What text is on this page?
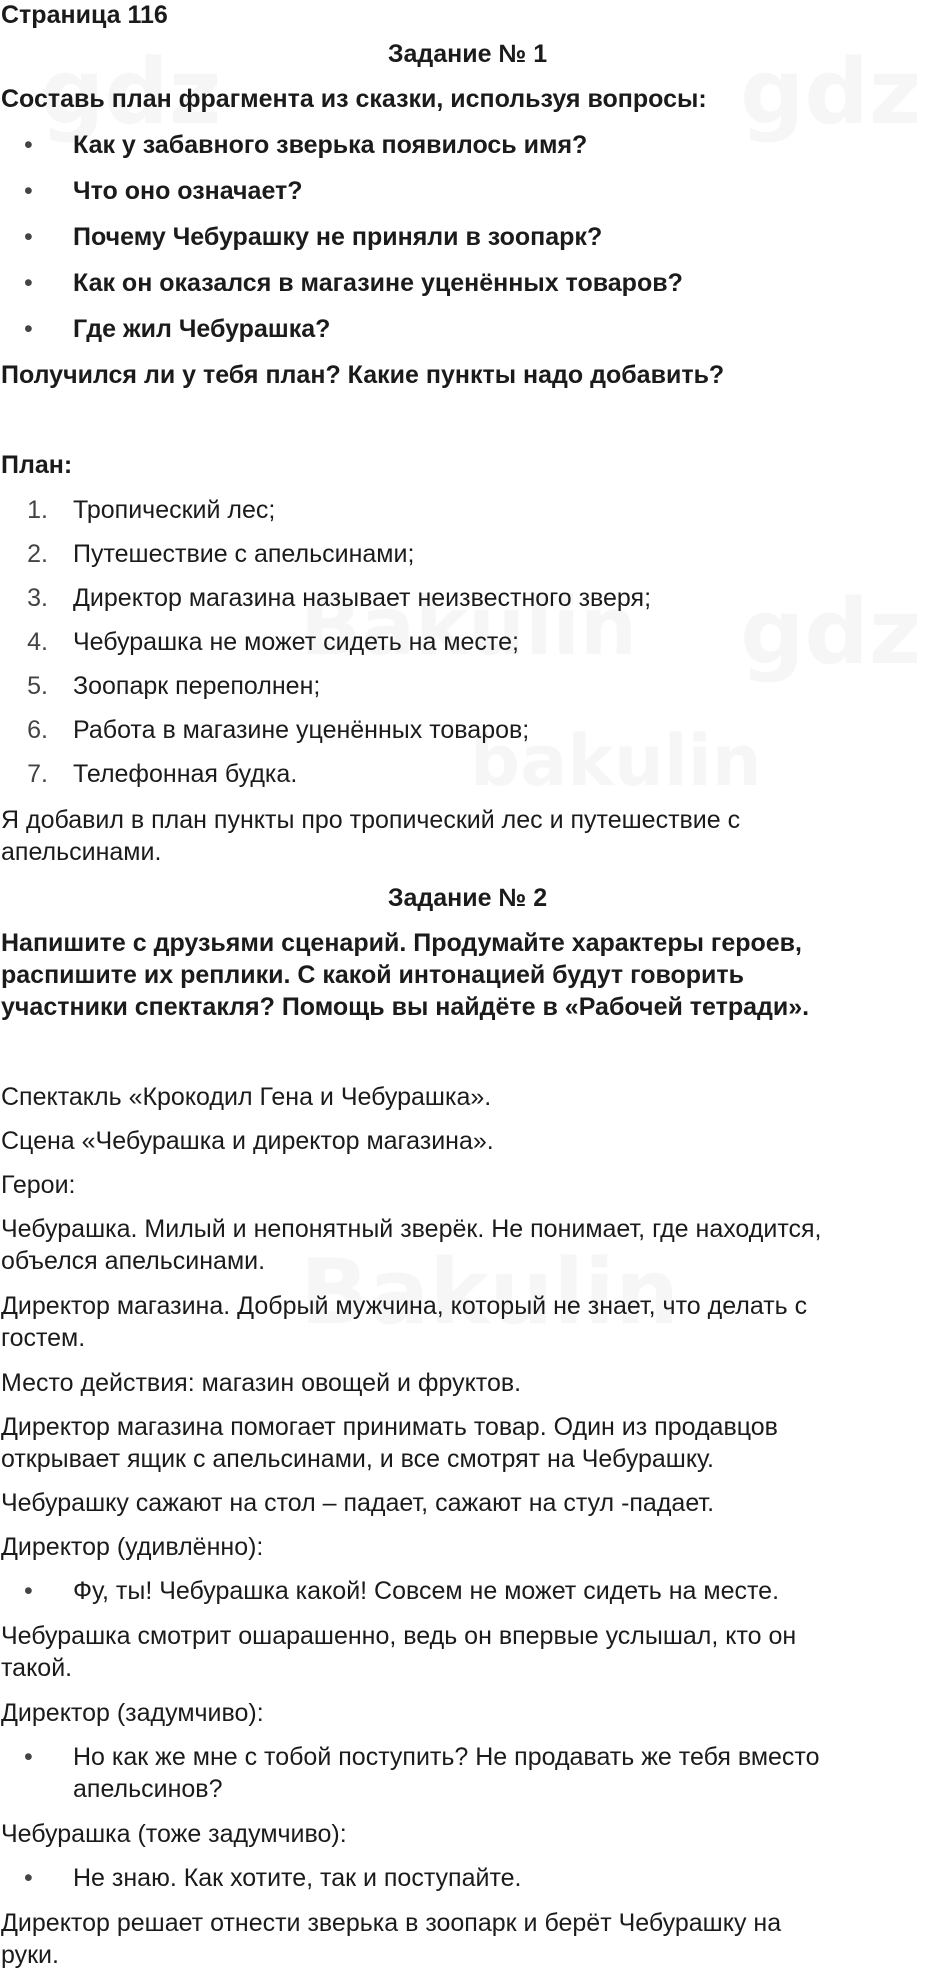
Страница 116

Задание № 1

Составь план фрагмента из сказки, используя вопросы:

• Как у забавного зверька появилось имя?

• Что оно означает?

• Почему Чебурашку не приняли в зоопарк?

• Как он оказался в магазине уценённых товаров?

• Где жил Чебурашка?

Получился ли у тебя план? Какие пункты надо добавить?

План:

1. Тропический лес;

2. Путешествие с апельсинами;

3. Директор магазина называет неизвестного зверя;

4. Чебурашка не может сидеть на месте;

5. Зоопарк переполнен;

6. Работа в магазине уценённых товаров;

7. Телефонная будка.

Я добавил в план пункты про тропический лес и путешествие с

апельсинами.

Задание № 2

Напишите с друзьями сценарий. Продумайте характеры героев,

распишите их реплики. С какой интонацией будут говорить

участники спектакля? Помощь вы найдёте в «Рабочей тетради».

Спектакль «Крокодил Гена и Чебурашка».

Сцена «Чебурашка и директор магазина».

Герои:

Чебурашка. Милый и непонятный зверёк. Не понимает, где находится,

объелся апельсинами.

Директор магазина. Добрый мужчина, который не знает, что делать с

гостем.

Место действия: магазин овощей и фруктов.

Директор магазина помогает принимать товар. Один из продавцов

открывает ящик с апельсинами, и все смотрят на Чебурашку.

Чебурашку сажают на стол – падает, сажают на стул -падает.

Директор (удивлённо):

• Фу, ты! Чебурашка какой! Совсем не может сидеть на месте.

Чебурашка смотрит ошарашенно, ведь он впервые услышал, кто он

такой.

Директор (задумчиво):

• Но как же мне с тобой поступить? Не продавать же тебя вместо

апельсинов?

Чебурашка (тоже задумчиво):

• Не знаю. Как хотите, так и поступайте.

Директор решает отнести зверька в зоопарк и берёт Чебурашку на

руки.
